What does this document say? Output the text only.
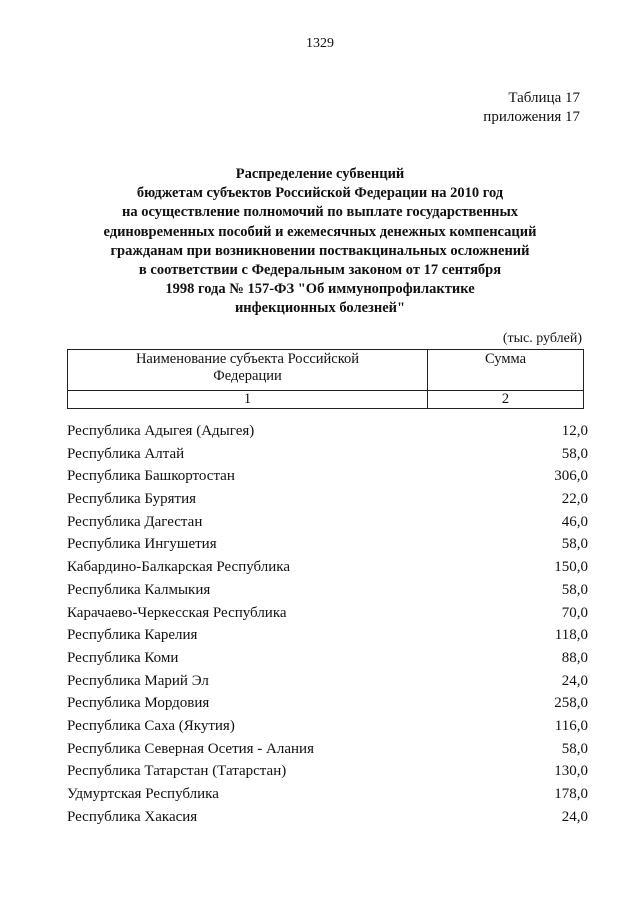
1329
Таблица 17
приложения 17
Распределение субвенций
бюджетам субъектов Российской Федерации на 2010 год
на осуществление полномочий по выплате государственных
единовременных пособий и ежемесячных денежных компенсаций
гражданам при возникновении поствакцинальных осложнений
в соответствии с Федеральным законом от 17 сентября
1998 года № 157-ФЗ "Об иммунопрофилактике
инфекционных болезней"
(тыс. рублей)
Наименование субъекта Российской
Федерации	Сумма

1	2
Республика Адыгея (Адыгея)	12,0
Республика Алтай	58,0
Республика Башкортостан	306,0
Республика Бурятия	22,0
Республика Дагестан	46,0
Республика Ингушетия	58,0
Кабардино-Балкарская Республика	150,0
Республика Калмыкия	58,0
Карачаево-Черкесская Республика	70,0
Республика Карелия	118,0
Республика Коми	88,0
Республика Марий Эл	24,0
Республика Мордовия	258,0
Республика Саха (Якутия)	116,0
Республика Северная Осетия - Алания	58,0
Республика Татарстан (Татарстан)	130,0
Удмуртская Республика	178,0
Республика Хакасия	24,0
